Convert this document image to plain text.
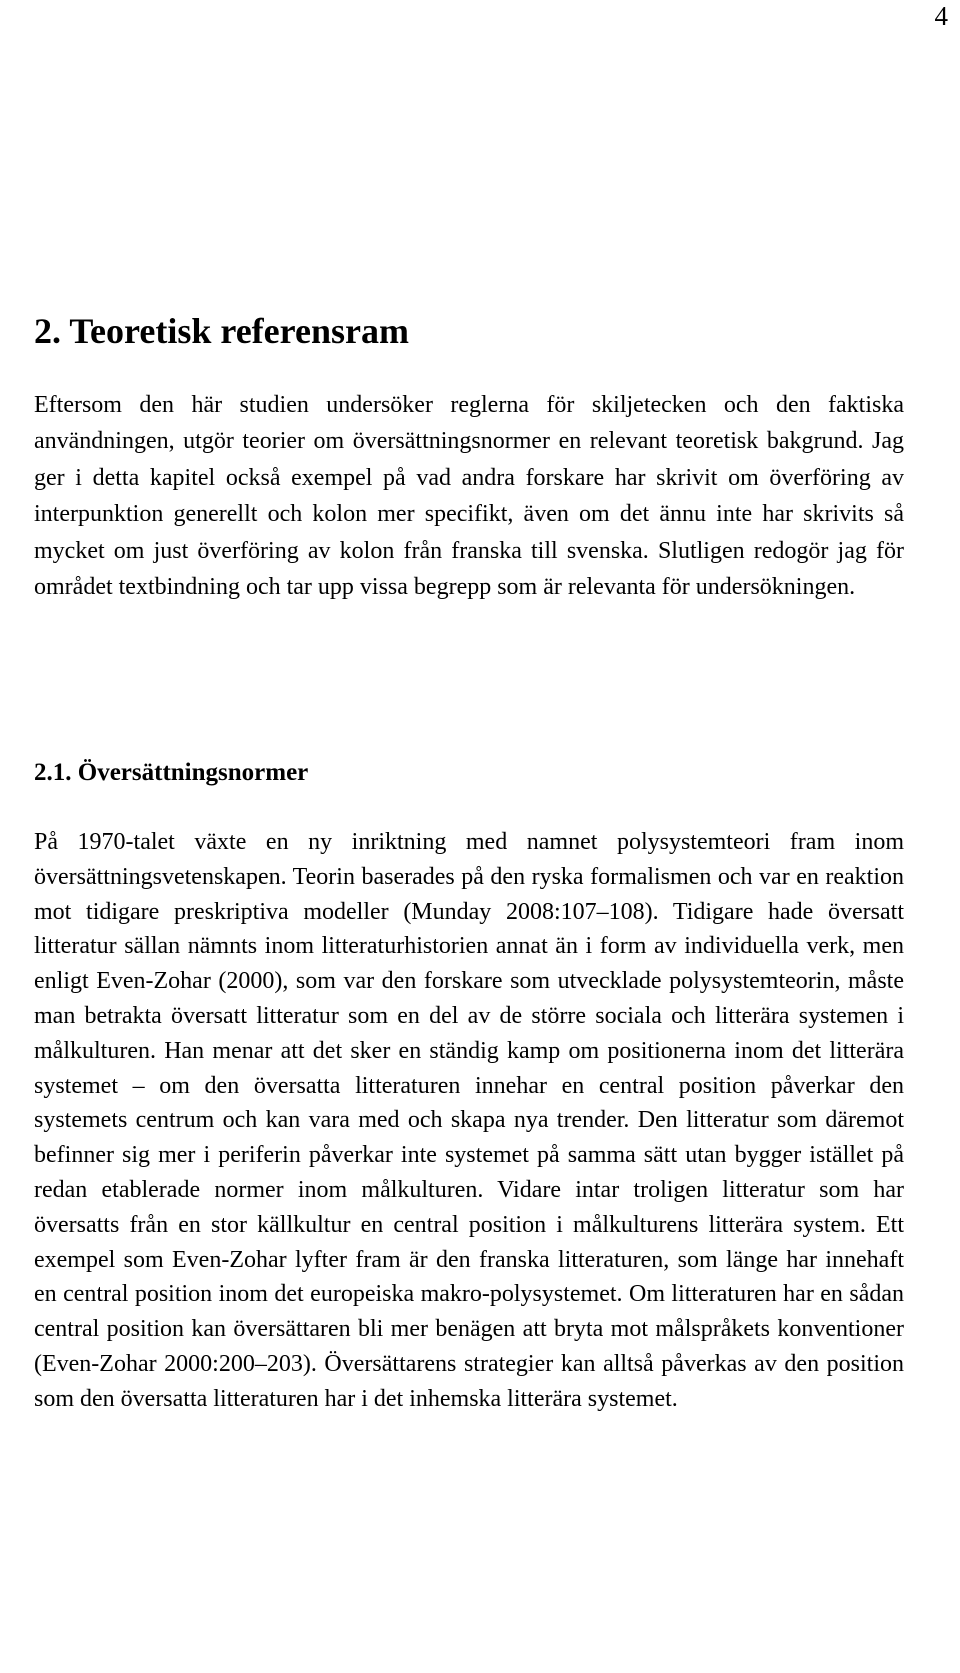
4
2. Teoretisk referensram

Eftersom den här studien undersöker reglerna för skiljetecken och den faktiska användningen, utgör teorier om översättningsnormer en relevant teoretisk bakgrund. Jag ger i detta kapitel också exempel på vad andra forskare har skrivit om överföring av interpunktion generellt och kolon mer specifikt, även om det ännu inte har skrivits så mycket om just överföring av kolon från franska till svenska. Slutligen redogör jag för området textbindning och tar upp vissa begrepp som är relevanta för undersökningen.

2.1. Översättningsnormer

På 1970-talet växte en ny inriktning med namnet polysystemteori fram inom översättningsvetenskapen. Teorin baserades på den ryska formalismen och var en reaktion mot tidigare preskriptiva modeller (Munday 2008:107–108). Tidigare hade översatt litteratur sällan nämnts inom litteraturhistorien annat än i form av individuella verk, men enligt Even-Zohar (2000), som var den forskare som utvecklade polysystemteorin, måste man betrakta översatt litteratur som en del av de större sociala och litterära systemen i målkulturen. Han menar att det sker en ständig kamp om positionerna inom det litterära systemet – om den översatta litteraturen innehar en central position påverkar den systemets centrum och kan vara med och skapa nya trender. Den litteratur som däremot befinner sig mer i periferin påverkar inte systemet på samma sätt utan bygger istället på redan etablerade normer inom målkulturen. Vidare intar troligen litteratur som har översatts från en stor källkultur en central position i målkulturens litterära system. Ett exempel som Even-Zohar lyfter fram är den franska litteraturen, som länge har innehaft en central position inom det europeiska makro-polysystemet. Om litteraturen har en sådan central position kan översättaren bli mer benägen att bryta mot målspråkets konventioner (Even-Zohar 2000:200–203). Översättarens strategier kan alltså påverkas av den position som den översatta litteraturen har i det inhemska litterära systemet.
